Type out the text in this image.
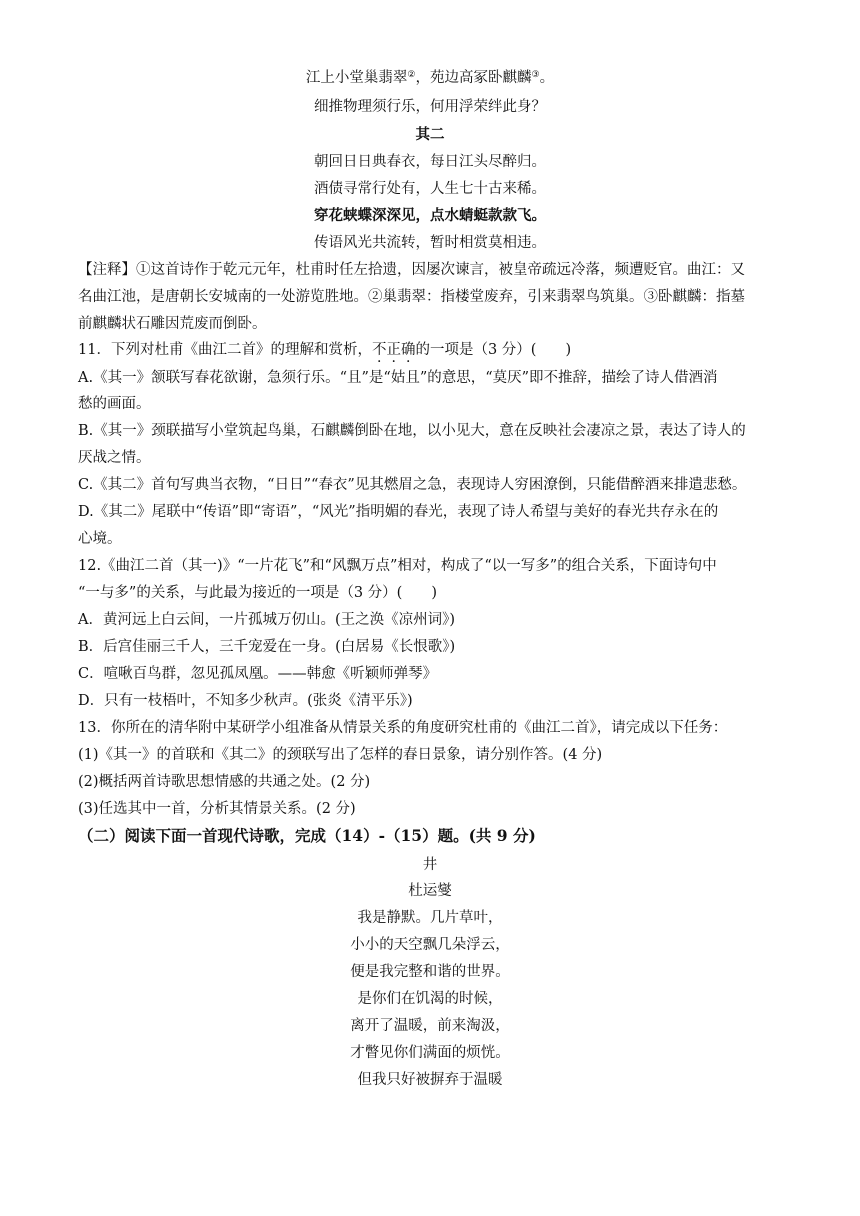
江上小堂巢翡翠②，苑边高冢卧麒麟③。
细推物理须行乐，何用浮荣绊此身？
其二
朝回日日典春衣，每日江头尽醉归。
酒债寻常行处有，人生七十古来稀。
穿花蛱蝶深深见，点水蜻蜓款款飞。
传语风光共流转，暂时相赏莫相违。
【注释】①这首诗作于乾元元年，杜甫时任左拾遗，因屡次谏言，被皇帝疏远冷落，频遭贬官。曲江：又
名曲江池，是唐朝长安城南的一处游览胜地。②巢翡翠：指楼堂废弃，引来翡翠鸟筑巢。③卧麒麟：指墓
前麒麟状石雕因荒废而倒卧。
11．下列对杜甫《曲江二首》的理解和赏析，不正确的一项是（3 分）(　　)
A.《其一》颔联写春花欲谢，急须行乐。“且”是“姑且”的意思，“莫厌”即不推辞，描绘了诗人借酒消
愁的画面。
B.《其一》颈联描写小堂筑起鸟巢，石麒麟倒卧在地，以小见大，意在反映社会凄凉之景，表达了诗人的
厌战之情。
C.《其二》首句写典当衣物，“日日”“春衣”见其燃眉之急，表现诗人穷困潦倒，只能借醉酒来排遣悲愁。
D.《其二》尾联中“传语”即“寄语”，“风光”指明媚的春光，表现了诗人希望与美好的春光共存永在的
心境。
12.《曲江二首（其一)》“一片花飞”和“风飘万点”相对，构成了“以一写多”的组合关系，下面诗句中
“一与多”的关系，与此最为接近的一项是（3 分）(　　)
A．黄河远上白云间，一片孤城万仞山。(王之涣《凉州词》)
B．后宫佳丽三千人，三千宠爱在一身。(白居易《长恨歌》)
C．喧啾百鸟群，忽见孤凤凰。——韩愈《听颖师弹琴》
D．只有一枝梧叶，不知多少秋声。(张炎《清平乐》)
13．你所在的清华附中某研学小组准备从情景关系的角度研究杜甫的《曲江二首》，请完成以下任务：
(1)《其一》的首联和《其二》的颈联写出了怎样的春日景象，请分别作答。(4 分)
(2)概括两首诗歌思想情感的共通之处。(2 分)
(3)任选其中一首，分析其情景关系。(2 分)
（二）阅读下面一首现代诗歌，完成（14）-（15）题。(共 9 分)
井
杜运燮
我是静默。几片草叶，
小小的天空飘几朵浮云，
便是我完整和谐的世界。
是你们在饥渴的时候，
离开了温暖，前来淘汲，
才瞥见你们满面的烦恍。
但我只好被摒弃于温暖
